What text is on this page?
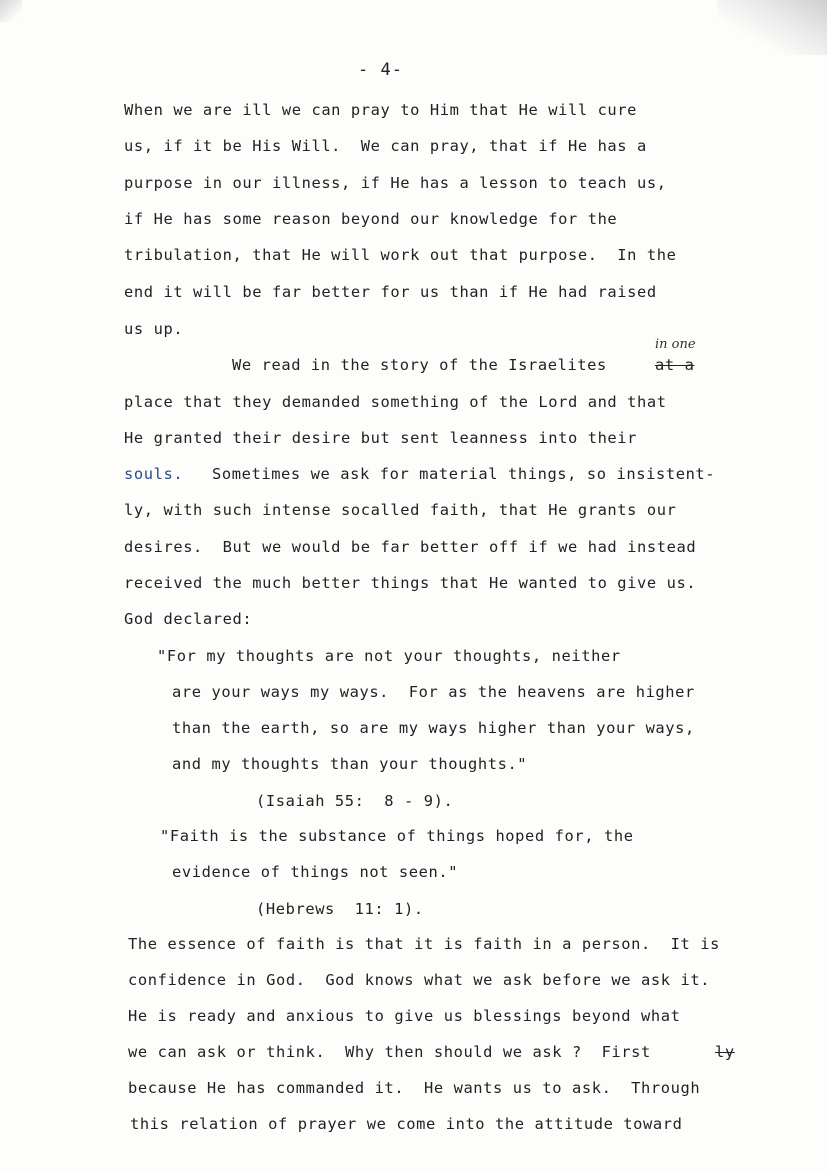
- 4-
When we are ill we can pray to Him that He will cure
us, if it be His Will.  We can pray, that if He has a
purpose in our illness, if He has a lesson to teach us,
if He has some reason beyond our knowledge for the
tribulation, that He will work out that purpose.  In the
end it will be far better for us than if He had raised
us up.
We read in the story of the Israelites	at a
in one
place that they demanded something of the Lord and that
He granted their desire but sent leanness into their
souls. Sometimes we ask for material things, so insistent-
ly, with such intense socalled faith, that He grants our
desires.  But we would be far better off if we had instead
received the much better things that He wanted to give us.
God declared:
"For my thoughts are not your thoughts, neither
are your ways my ways.  For as the heavens are higher
than the earth, so are my ways higher than your ways,
and my thoughts than your thoughts."
(Isaiah 55:  8 - 9).
"Faith is the substance of things hoped for, the
evidence of things not seen."
(Hebrews  11: 1).
The essence of faith is that it is faith in a person.  It is
confidence in God.  God knows what we ask before we ask it.
He is ready and anxious to give us blessings beyond what
we can ask or think.  Why then should we ask ?  First	ly
because He has commanded it.  He wants us to ask.  Through
this relation of prayer we come into the attitude toward
